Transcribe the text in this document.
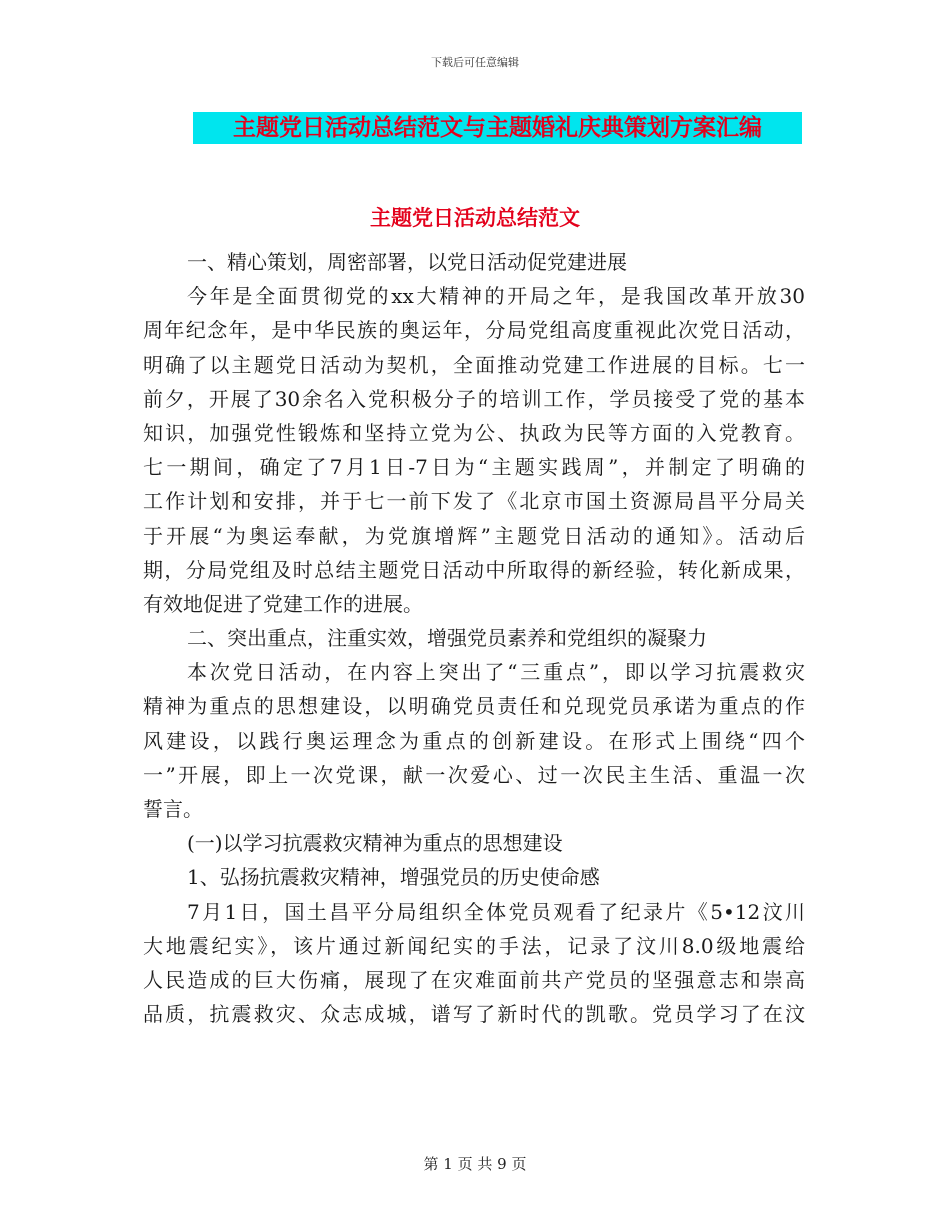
下载后可任意编辑
主题党日活动总结范文与主题婚礼庆典策划方案汇编
主题党日活动总结范文
一、精心策划，周密部署，以党日活动促党建进展
今年是全面贯彻党的xx大精神的开局之年，是我国改革开放30
周年纪念年，是中华民族的奥运年，分局党组高度重视此次党日活动，
明确了以主题党日活动为契机，全面推动党建工作进展的目标。七一
前夕，开展了30余名入党积极分子的培训工作，学员接受了党的基本
知识，加强党性锻炼和坚持立党为公、执政为民等方面的入党教育。
七一期间，确定了7月1日-7日为“主题实践周”，并制定了明确的
工作计划和安排，并于七一前下发了《北京市国土资源局昌平分局关
于开展“为奥运奉献，为党旗增辉”主题党日活动的通知》。活动后
期，分局党组及时总结主题党日活动中所取得的新经验，转化新成果，
有效地促进了党建工作的进展。
二、突出重点，注重实效，增强党员素养和党组织的凝聚力
本次党日活动，在内容上突出了“三重点”，即以学习抗震救灾
精神为重点的思想建设，以明确党员责任和兑现党员承诺为重点的作
风建设，以践行奥运理念为重点的创新建设。在形式上围绕“四个
一”开展，即上一次党课，献一次爱心、过一次民主生活、重温一次
誓言。
(一)以学习抗震救灾精神为重点的思想建设
1、弘扬抗震救灾精神，增强党员的历史使命感
7月1日，国土昌平分局组织全体党员观看了纪录片《5•12汶川
大地震纪实》，该片通过新闻纪实的手法，记录了汶川8.0级地震给
人民造成的巨大伤痛，展现了在灾难面前共产党员的坚强意志和崇高
品质，抗震救灾、众志成城，谱写了新时代的凯歌。党员学习了在汶
第 1 页 共 9 页
